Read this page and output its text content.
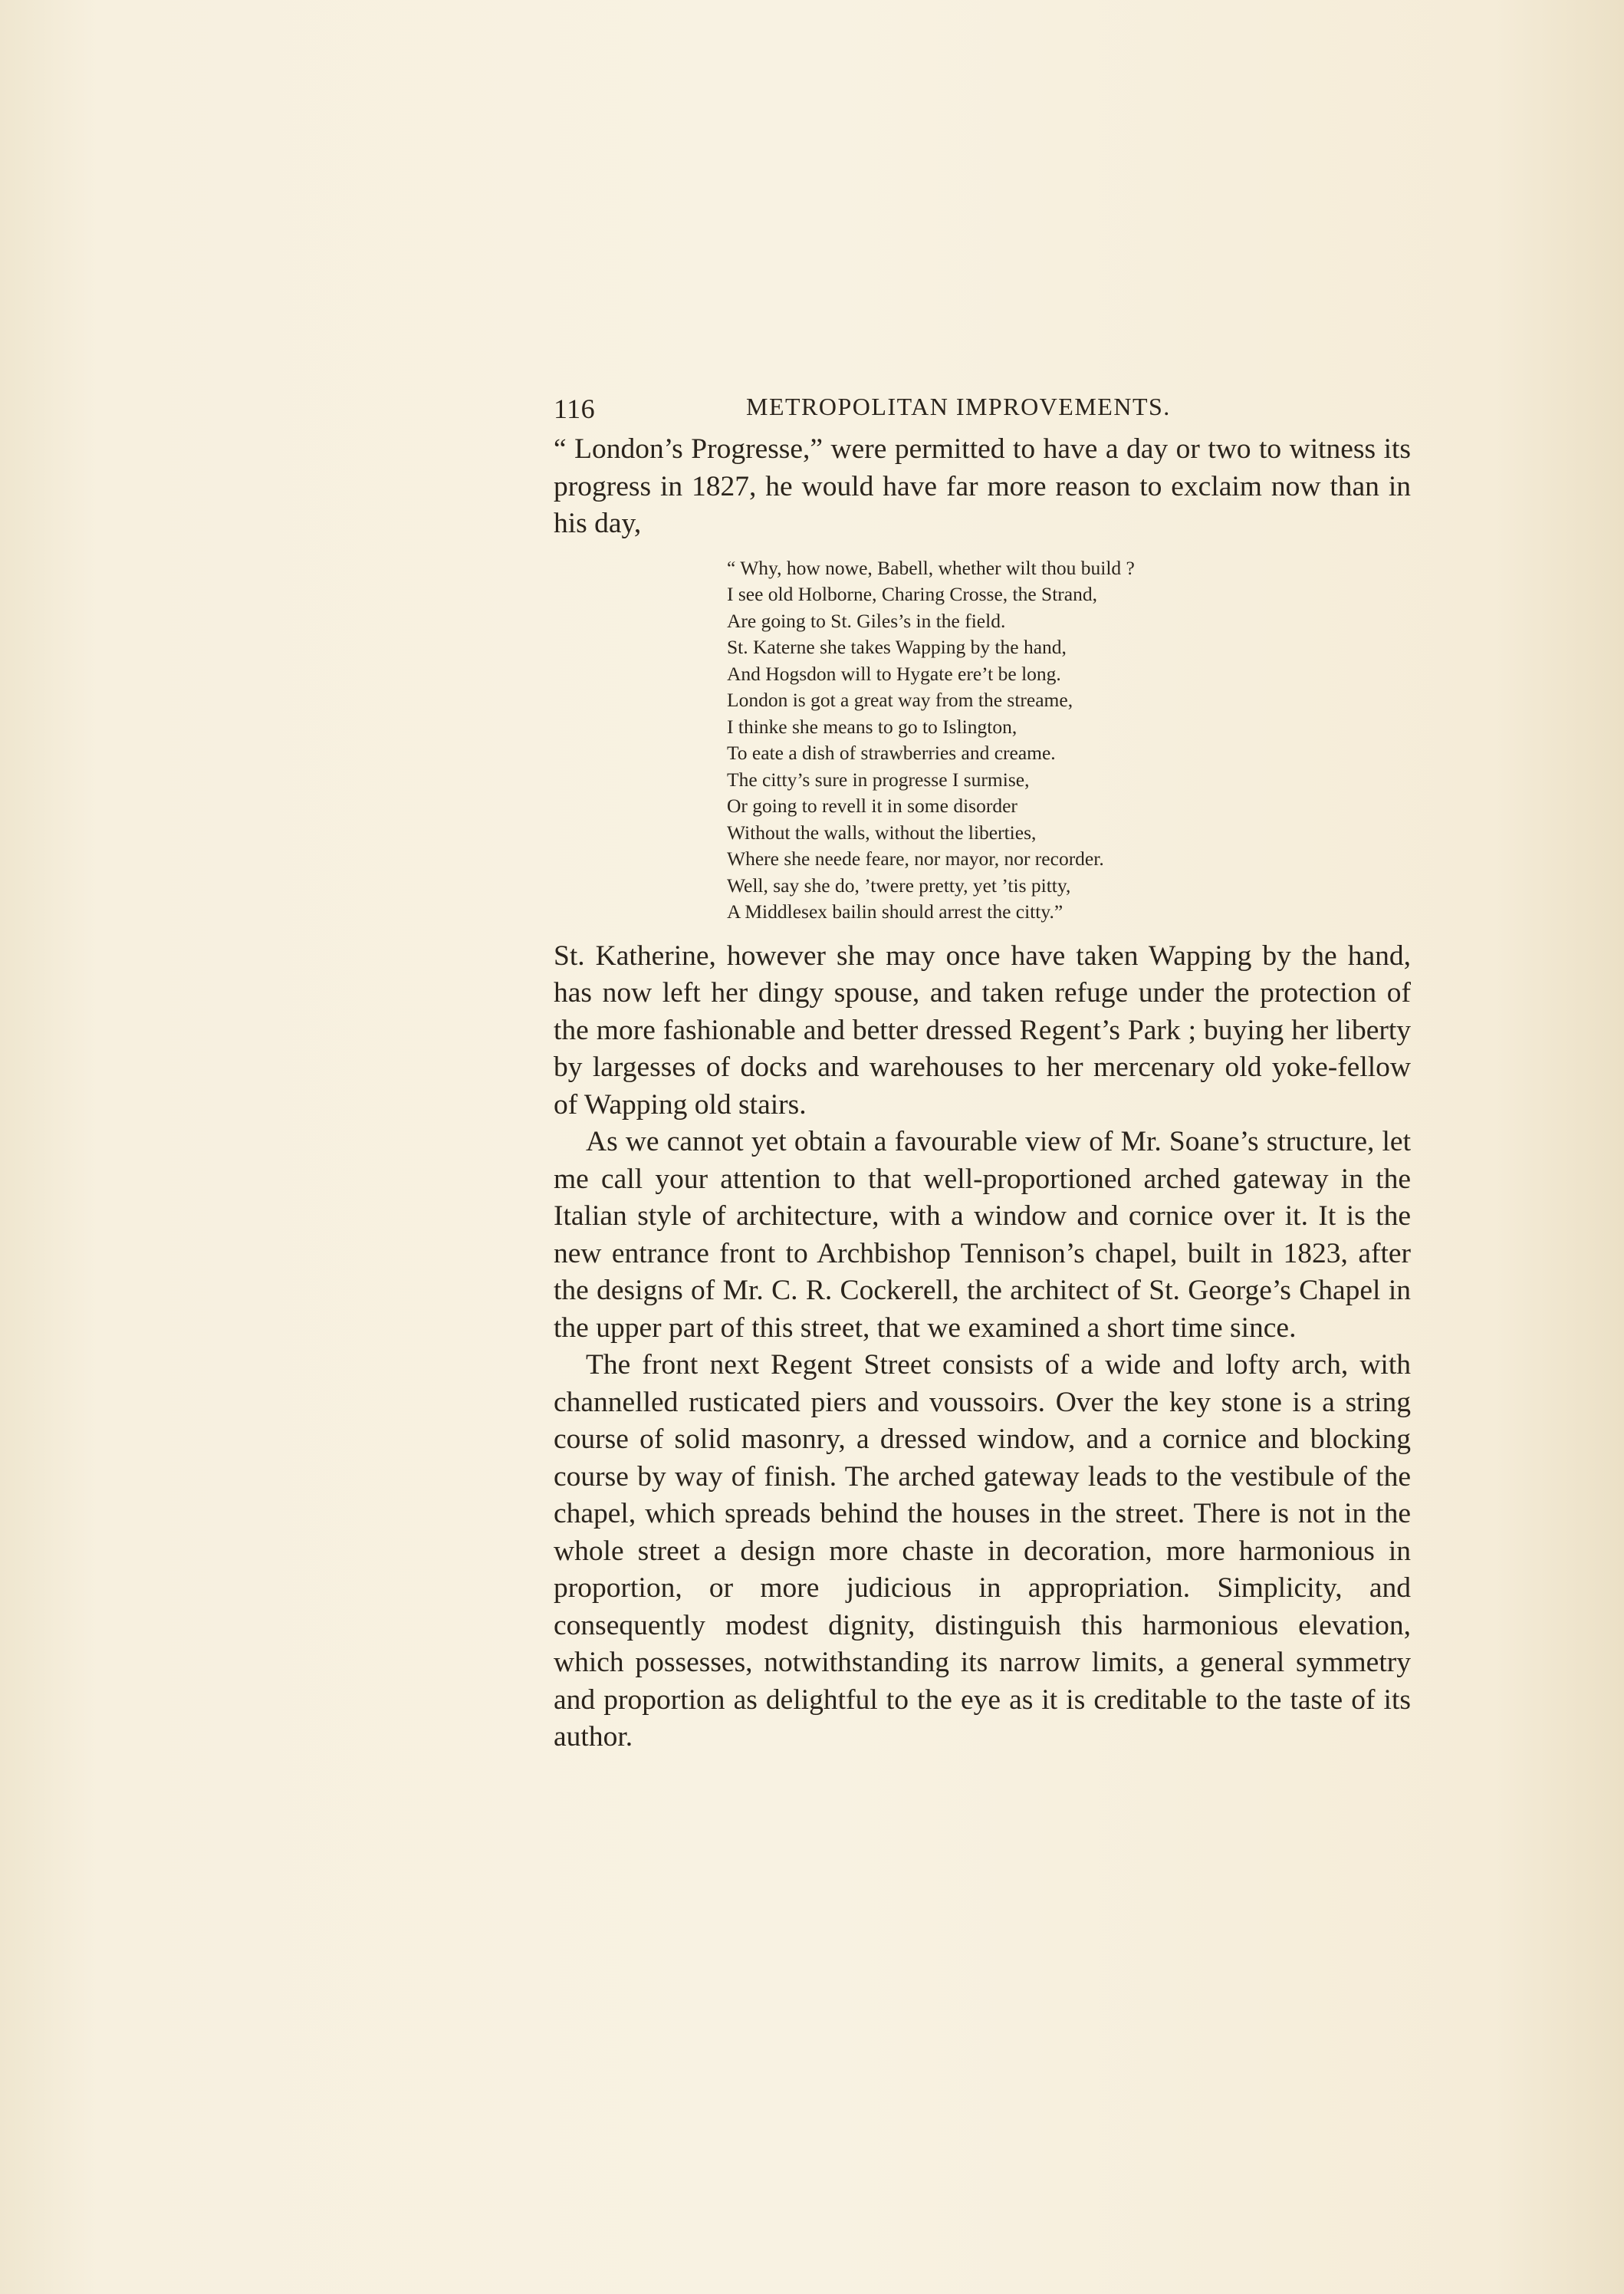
116	METROPOLITAN IMPROVEMENTS.

“ London’s Progresse,” were permitted to have a day or two to witness its progress in 1827, he would have far more reason to exclaim now than in his day,

“ Why, how nowe, Babell, whether wilt thou build ?
I see old Holborne, Charing Crosse, the Strand,
Are going to St. Giles’s in the field.
St. Katerne she takes Wapping by the hand,
And Hogsdon will to Hygate ere’t be long.
London is got a great way from the streame,
I thinke she means to go to Islington,
To eate a dish of strawberries and creame.
The citty’s sure in progresse I surmise,
Or going to revell it in some disorder
Without the walls, without the liberties,
Where she neede feare, nor mayor, nor recorder.
Well, say she do, ’twere pretty, yet ’tis pitty,
A Middlesex bailin should arrest the citty.”

St. Katherine, however she may once have taken Wapping by the hand, has now left her dingy spouse, and taken refuge under the protection of the more fashionable and better dressed Regent’s Park ; buying her liberty by largesses of docks and warehouses to her mercenary old yoke-fellow of Wapping old stairs.

As we cannot yet obtain a favourable view of Mr. Soane’s structure, let me call your attention to that well-proportioned arched gateway in the Italian style of architecture, with a window and cornice over it. It is the new entrance front to Archbishop Tennison’s chapel, built in 1823, after the designs of Mr. C. R. Cockerell, the architect of St. George’s Chapel in the upper part of this street, that we examined a short time since.

The front next Regent Street consists of a wide and lofty arch, with channelled rusticated piers and voussoirs. Over the key stone is a string course of solid masonry, a dressed window, and a cornice and blocking course by way of finish. The arched gateway leads to the vestibule of the chapel, which spreads behind the houses in the street. There is not in the whole street a design more chaste in decoration, more harmonious in proportion, or more judicious in appropriation. Simplicity, and consequently modest dignity, distinguish this harmonious elevation, which possesses, notwithstanding its narrow limits, a general symmetry and proportion as delightful to the eye as it is creditable to the taste of its author.
